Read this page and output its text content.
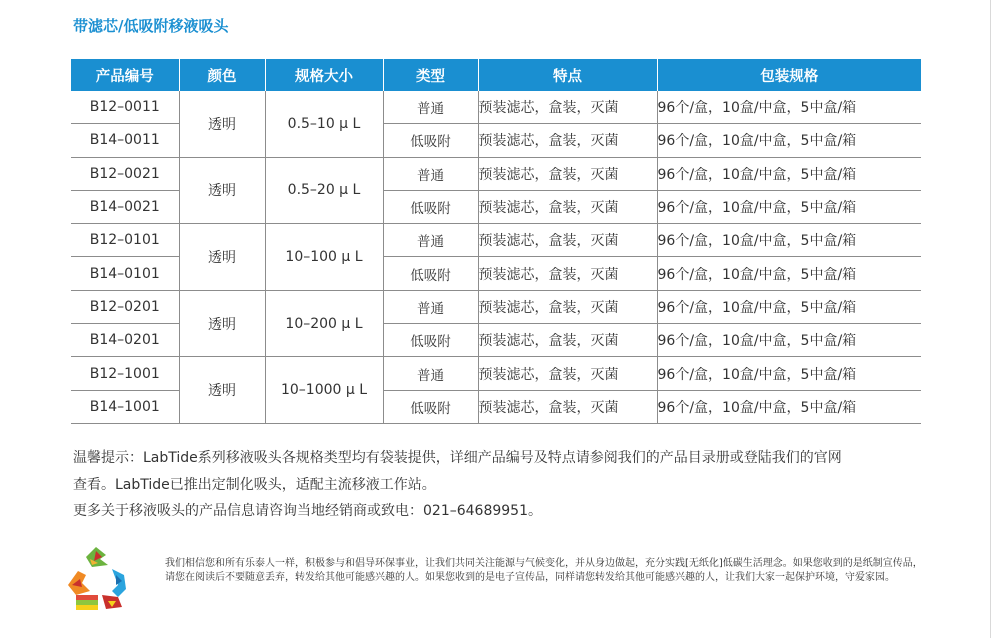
带滤芯/低吸附移液吸头
产品编号	颜色	规格大小	类型	特点	包装规格
B12–0011	透明	0.5–10 μ L	普通	预装滤芯，盒装，灭菌	96个/盒，10盒/中盒，5中盒/箱
B14–0011			低吸附	预装滤芯，盒装，灭菌	96个/盒，10盒/中盒，5中盒/箱
B12–0021	透明	0.5–20 μ L	普通	预装滤芯，盒装，灭菌	96个/盒，10盒/中盒，5中盒/箱
B14–0021			低吸附	预装滤芯，盒装，灭菌	96个/盒，10盒/中盒，5中盒/箱
B12–0101	透明	10–100 μ L	普通	预装滤芯，盒装，灭菌	96个/盒，10盒/中盒，5中盒/箱
B14–0101			低吸附	预装滤芯，盒装，灭菌	96个/盒，10盒/中盒，5中盒/箱
B12–0201	透明	10–200 μ L	普通	预装滤芯，盒装，灭菌	96个/盒，10盒/中盒，5中盒/箱
B14–0201			低吸附	预装滤芯，盒装，灭菌	96个/盒，10盒/中盒，5中盒/箱
B12–1001	透明	10–1000 μ L	普通	预装滤芯，盒装，灭菌	96个/盒，10盒/中盒，5中盒/箱
B14–1001			低吸附	预装滤芯，盒装，灭菌	96个/盒，10盒/中盒，5中盒/箱

温馨提示：LabTide系列移液吸头各规格类型均有袋装提供，详细产品编号及特点请参阅我们的产品目录册或登陆我们的官网

查看。LabTide已推出定制化吸头，适配主流移液工作站。

更多关于移液吸头的产品信息请咨询当地经销商或致电：021–64689951。

我们相信您和所有乐泰人一样，积极参与和倡导环保事业，让我们共同关注能源与气候变化，并从身边做起，充分实践[无纸化]低碳生活理念。如果您收到的是纸制宣传品，请您在阅读后不要随意丢弃，转发给其他可能感兴趣的人。如果您收到的是电子宣传品，同样请您转发给其他可能感兴趣的人，让我们大家一起保护环境，守爱家园。
